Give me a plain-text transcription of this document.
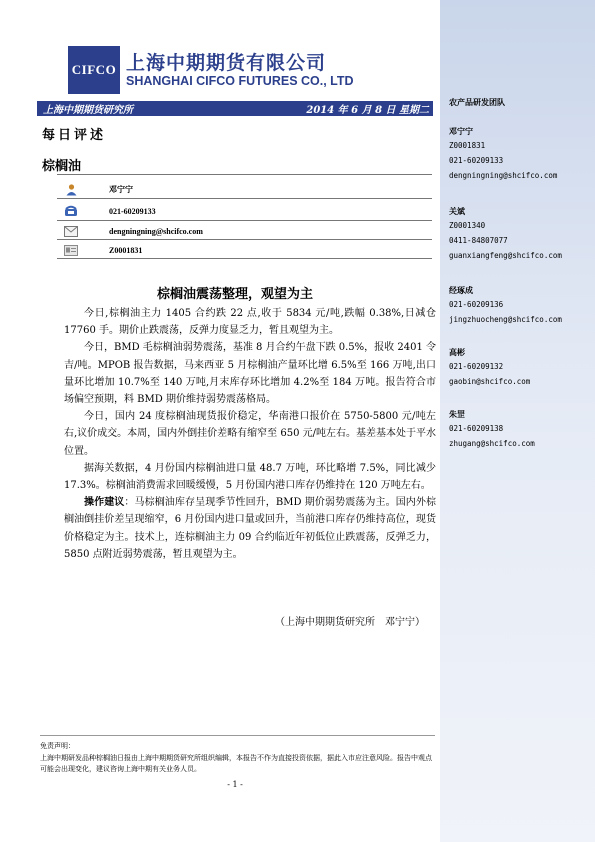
CIFCO 上海中期期货有限公司
SHANGHAI CIFCO FUTURES CO., LTD
上海中期期货研究所	2014 年 6 月 8 日 星期二
每日评述
棕榈油
邓宁宁
021-60209133
dengningning@shcifco.com
Z0001831
棕榈油震荡整理，观望为主

今日,棕榈油主力 1405 合约跌 22 点,收于 5834 元/吨,跌幅 0.38%,日减仓 17760 手。期价止跌震荡，反弹力度显乏力，暂且观望为主。

今日，BMD 毛棕榈油弱势震荡，基准 8 月合约午盘下跌 0.5%，报收 2401 令吉/吨。MPOB 报告数据，马来西亚 5 月棕榈油产量环比增 6.5%至 166 万吨,出口量环比增加 10.7%至 140 万吨,月末库存环比增加 4.2%至 184 万吨。报告符合市场偏空预期，料 BMD 期价维持弱势震荡格局。

今日，国内 24 度棕榈油现货报价稳定，华南港口报价在 5750-5800 元/吨左右,议价成交。本周，国内外倒挂价差略有缩窄至 650 元/吨左右。基差基本处于平水位置。

据海关数据，4 月份国内棕榈油进口量 48.7 万吨，环比略增 7.5%，同比减少 17.3%。棕榈油消费需求回暖缓慢，5 月份国内港口库存仍维持在 120 万吨左右。

操作建议：马棕榈油库存呈现季节性回升，BMD 期价弱势震荡为主。国内外棕榈油倒挂价差呈现缩窄，6 月份国内进口量或回升，当前港口库存仍维持高位，现货价格稳定为主。技术上，连棕榈油主力 09 合约临近年初低位止跌震荡，反弹乏力，5850 点附近弱势震荡，暂且观望为主。

（上海中期期货研究所　邓宁宁）
免责声明：
上海中期研发品种棕榈油日报由上海中期期货研究所组织编辑，本报告不作为直接投资依据，据此入市应注意风险。报告中观点可能会出现变化，建议咨询上海中期有关业务人员。
- 1 -
农产品研发团队
邓宁宁
Z0001831
021-60209133
dengningning@shcifco.com
关斌
Z0001340
0411-84807077
guanxiangfeng@shcifco.com
经琢成
021-60209136
jingzhuocheng@shcifco.com
高彬
021-60209132
gaobin@shcifco.com
朱罡
021-60209138
zhugang@shcifco.com
